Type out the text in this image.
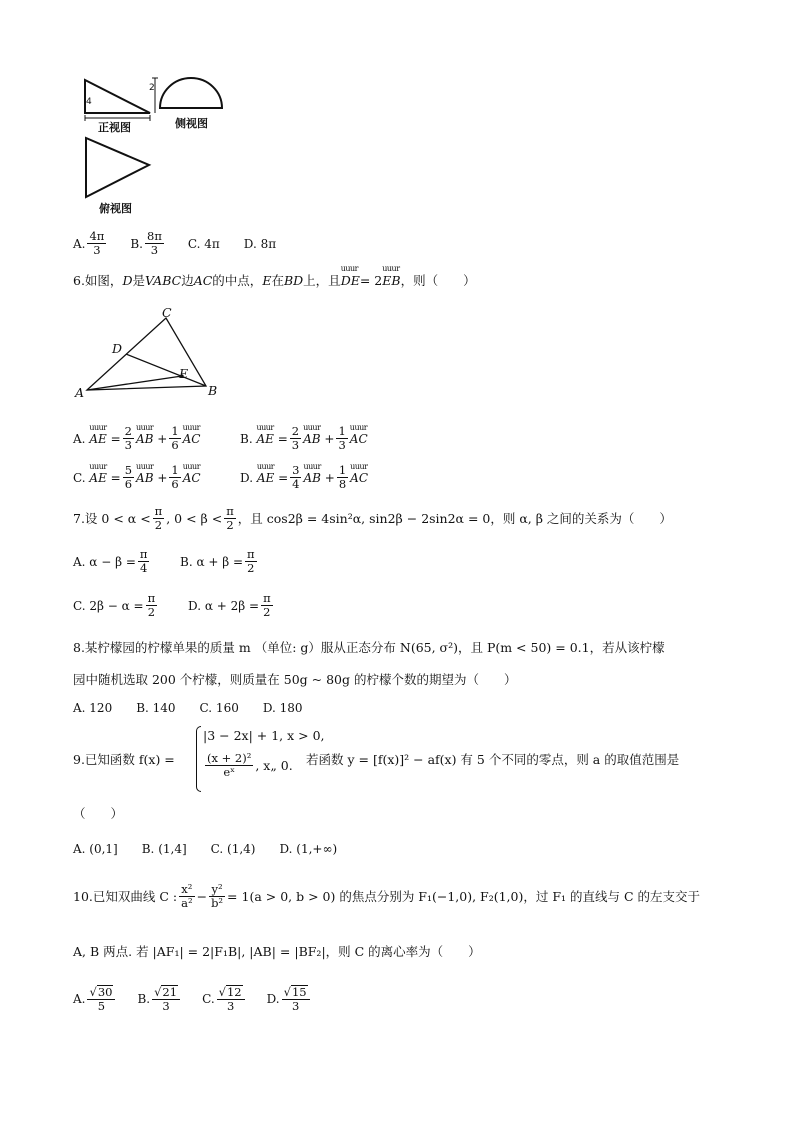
4
2
正视图	侧视图
俯视图
A.
4π
3	B.
8π
3	C. 4π D. 8π
6.如图，D是VABC边AC的中点，E在BD上，且uuur DE= 2uuur EB，则（　　）
C
D
E
A	B
A.
uuur AE =
2
3 uuur AB +
1
6 uuur AC	B.
uuur AE =
2
3 uuur AB +
1
3 uuur AC
C.
uuur AE =
5
6 uuur AB +
1
6 uuur AC	D.
uuur AE =
3
4 uuur AB +
1
8 uuur AC
7.设 0 < α < π
2 , 0 < β < π
2 ，且 cos2β = 4sin²α, sin2β − 2sin2α = 0，则 α, β 之间的关系为（　　）
A. $\alpha - \beta = \frac{\pi}{4}$	B. $\alpha + \beta = \frac{\pi}{2}$
C. $2\beta - \alpha = \frac{\pi}{2}$	D. $\alpha + 2\beta = \frac{\pi}{2}$
8.某柠檬园的柠檬单果的质量 m （单位: g）服从正态分布 N(65, σ²)，且 P(m < 50) = 0.1，若从该柠檬
园中随机选取 200 个柠檬，则质量在 50g ~ 80g 的柠檬个数的期望为（　　）
A. 120　　B. 140　　C. 160　　D. 180
9.已知函数 f(x) =
|3 − 2x| + 1, x > 0,
(x + 2)²
eˣ	, x„ 0. 若函数 y = [f(x)]² − af(x) 有 5 个不同的零点，则 a 的取值范围是
（　　）
A. (0,1]　　B. (1,4]　　C. (1,4)　　D. (1,+∞)
10.已知双曲线 C : x²
$a^2 - \frac{\text{y²}}{\text{b²}} = 1(a > 0$, b > 0) 的焦点分别为 F₁(−1,0), F₂(1,0)，过 F₁ 的直线与 C 的左支交于
A, B 两点. 若 |AF₁| = 2|F₁B|, |AB| = |BF₂|，则 C 的离心率为（　　）
A.
√30
5	B.
√21
3	C.
√12
3	D.
√15
3
